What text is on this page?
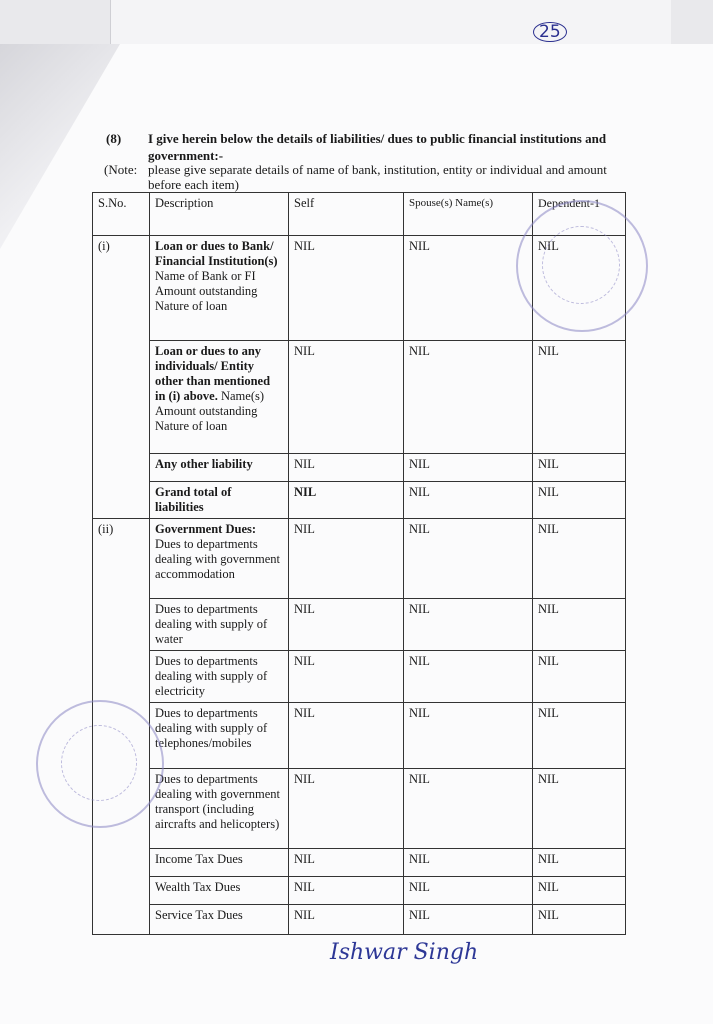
25
(8) I give herein below the details of liabilities/ dues to public financial institutions and government:-
(Note: please give separate details of name of bank, institution, entity or individual and amount before each item)
S.No.	Description	Self	Spouse(s) Name(s)	Dependent-1
(i)	Loan or dues to Bank/ Financial Institution(s) Name of Bank or FI Amount outstanding Nature of loan	NIL	NIL	NIL
	Loan or dues to any individuals/ Entity other than mentioned in (i) above. Name(s) Amount outstanding Nature of loan	NIL	NIL	NIL
	Any other liability	NIL	NIL	NIL
	Grand total of liabilities	NIL	NIL	NIL
(ii)	Government Dues: Dues to departments dealing with government accommodation	NIL	NIL	NIL
	Dues to departments dealing with supply of water	NIL	NIL	NIL
	Dues to departments dealing with supply of electricity	NIL	NIL	NIL
	Dues to departments dealing with supply of telephones/mobiles	NIL	NIL	NIL
	Dues to departments dealing with government transport (including aircrafts and helicopters)	NIL	NIL	NIL
	Income Tax Dues	NIL	NIL	NIL
	Wealth Tax Dues	NIL	NIL	NIL
	Service Tax Dues	NIL	NIL	NIL
Ishwar Singh
